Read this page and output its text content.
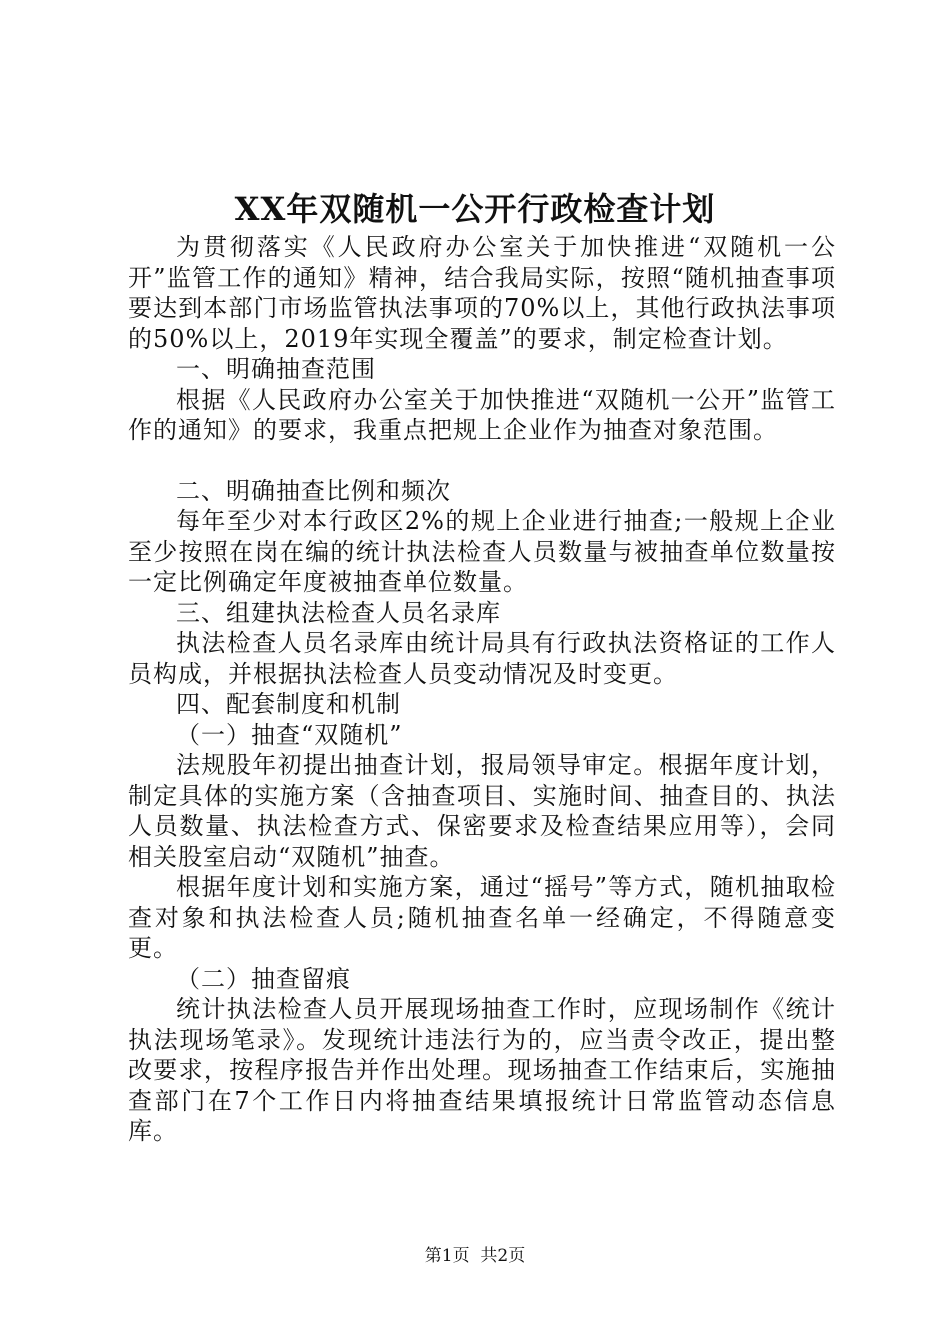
XX年双随机一公开行政检查计划

为贯彻落实《人民政府办公室关于加快推进“双随机一公开”监管工作的通知》精神，结合我局实际，按照“随机抽查事项要达到本部门市场监管执法事项的70%以上，其他行政执法事项的50%以上，2019年实现全覆盖”的要求，制定检查计划。

一、明确抽查范围

根据《人民政府办公室关于加快推进“双随机一公开”监管工作的通知》的要求，我重点把规上企业作为抽查对象范围。

二、明确抽查比例和频次

每年至少对本行政区2%的规上企业进行抽查;一般规上企业至少按照在岗在编的统计执法检查人员数量与被抽查单位数量按一定比例确定年度被抽查单位数量。

三、组建执法检查人员名录库

执法检查人员名录库由统计局具有行政执法资格证的工作人员构成，并根据执法检查人员变动情况及时变更。

四、配套制度和机制

（一）抽查“双随机”

法规股年初提出抽查计划，报局领导审定。根据年度计划，制定具体的实施方案（含抽查项目、实施时间、抽查目的、执法人员数量、执法检查方式、保密要求及检查结果应用等），会同相关股室启动“双随机”抽查。

根据年度计划和实施方案，通过“摇号”等方式，随机抽取检查对象和执法检查人员;随机抽查名单一经确定，不得随意变更。

（二）抽查留痕

统计执法检查人员开展现场抽查工作时，应现场制作《统计执法现场笔录》。发现统计违法行为的，应当责令改正，提出整改要求，按程序报告并作出处理。现场抽查工作结束后，实施抽查部门在7个工作日内将抽查结果填报统计日常监管动态信息库。

第1页  共2页
